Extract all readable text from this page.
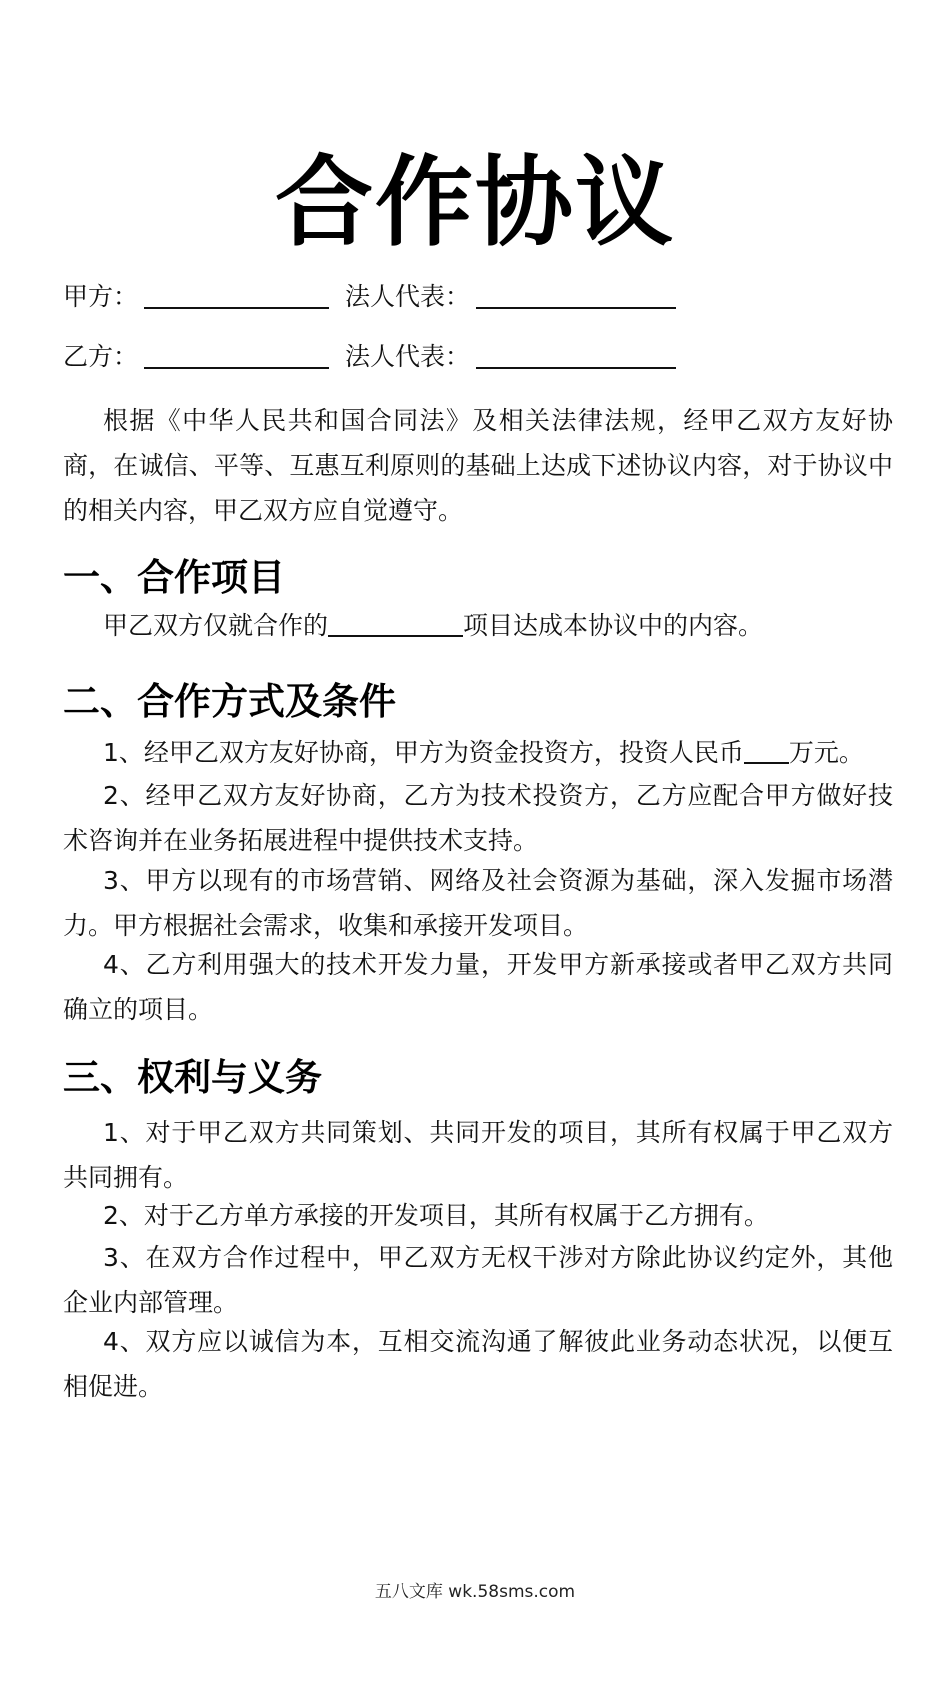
合作协议
甲方：	法人代表：
乙方：	法人代表：
根据《中华人民共和国合同法》及相关法律法规，经甲乙双方友好协商，在诚信、平等、互惠互利原则的基础上达成下述协议内容，对于协议中的相关内容，甲乙双方应自觉遵守。
一、合作项目
甲乙双方仅就合作的	项目达成本协议中的内容。
二、合作方式及条件
1、经甲乙双方友好协商，甲方为资金投资方，投资人民币 万元。
2、经甲乙双方友好协商，乙方为技术投资方，乙方应配合甲方做好技术咨询并在业务拓展进程中提供技术支持。
3、甲方以现有的市场营销、网络及社会资源为基础，深入发掘市场潜力。甲方根据社会需求，收集和承接开发项目。
4、乙方利用强大的技术开发力量，开发甲方新承接或者甲乙双方共同确立的项目。
三、权利与义务
1、对于甲乙双方共同策划、共同开发的项目，其所有权属于甲乙双方共同拥有。
2、对于乙方单方承接的开发项目，其所有权属于乙方拥有。
3、在双方合作过程中，甲乙双方无权干涉对方除此协议约定外，其他企业内部管理。
4、双方应以诚信为本，互相交流沟通了解彼此业务动态状况，以便互相促进。
五八文库 wk.58sms.com
